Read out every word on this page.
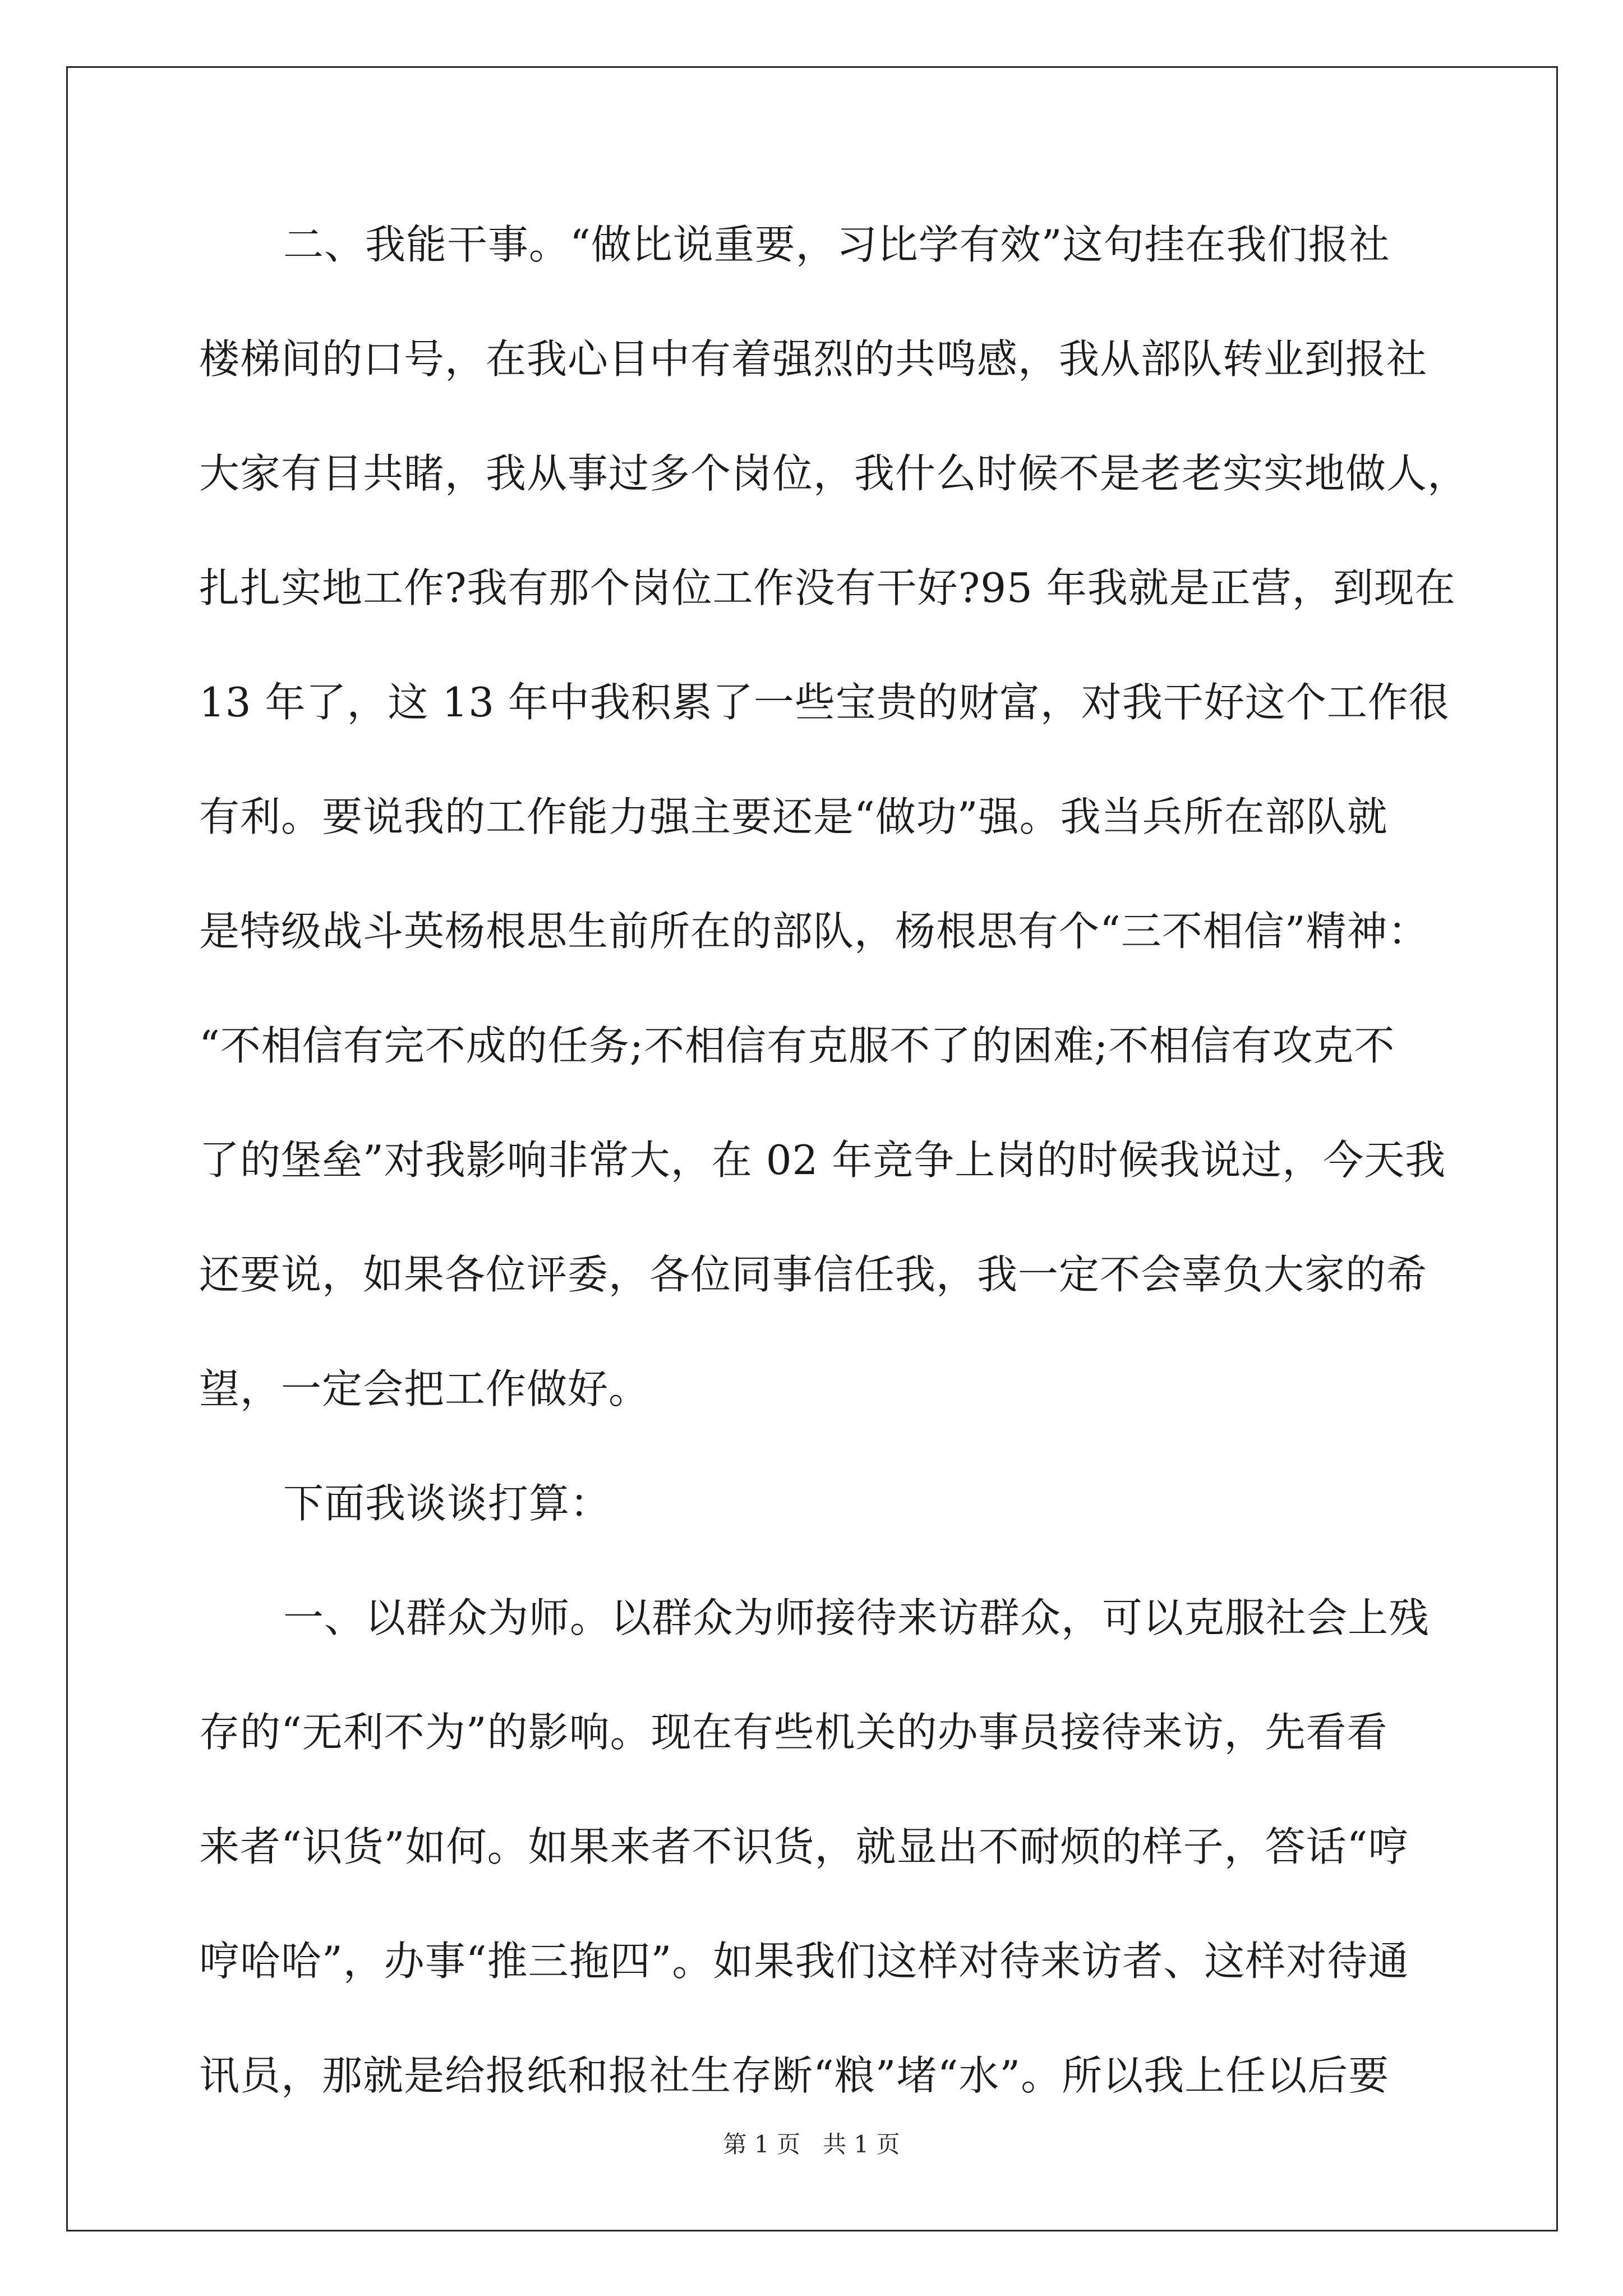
二、我能干事。“做比说重要，习比学有效”这句挂在我们报社
楼梯间的口号，在我心目中有着强烈的共鸣感，我从部队转业到报社
大家有目共睹，我从事过多个岗位，我什么时候不是老老实实地做人，
扎扎实地工作?我有那个岗位工作没有干好?95 年我就是正营，到现在
13 年了，这 13 年中我积累了一些宝贵的财富，对我干好这个工作很
有利。要说我的工作能力强主要还是“做功”强。我当兵所在部队就
是特级战斗英杨根思生前所在的部队，杨根思有个“三不相信”精神：
“不相信有完不成的任务;不相信有克服不了的困难;不相信有攻克不
了的堡垒”对我影响非常大，在 02 年竞争上岗的时候我说过，今天我
还要说，如果各位评委，各位同事信任我，我一定不会辜负大家的希
望，一定会把工作做好。
下面我谈谈打算：
一、以群众为师。以群众为师接待来访群众，可以克服社会上残
存的“无利不为”的影响。现在有些机关的办事员接待来访，先看看
来者“识货”如何。如果来者不识货，就显出不耐烦的样子，答话“哼
哼哈哈”，办事“推三拖四”。如果我们这样对待来访者、这样对待通
讯员，那就是给报纸和报社生存断“粮”堵“水”。所以我上任以后要
第 1 页   共 1 页
